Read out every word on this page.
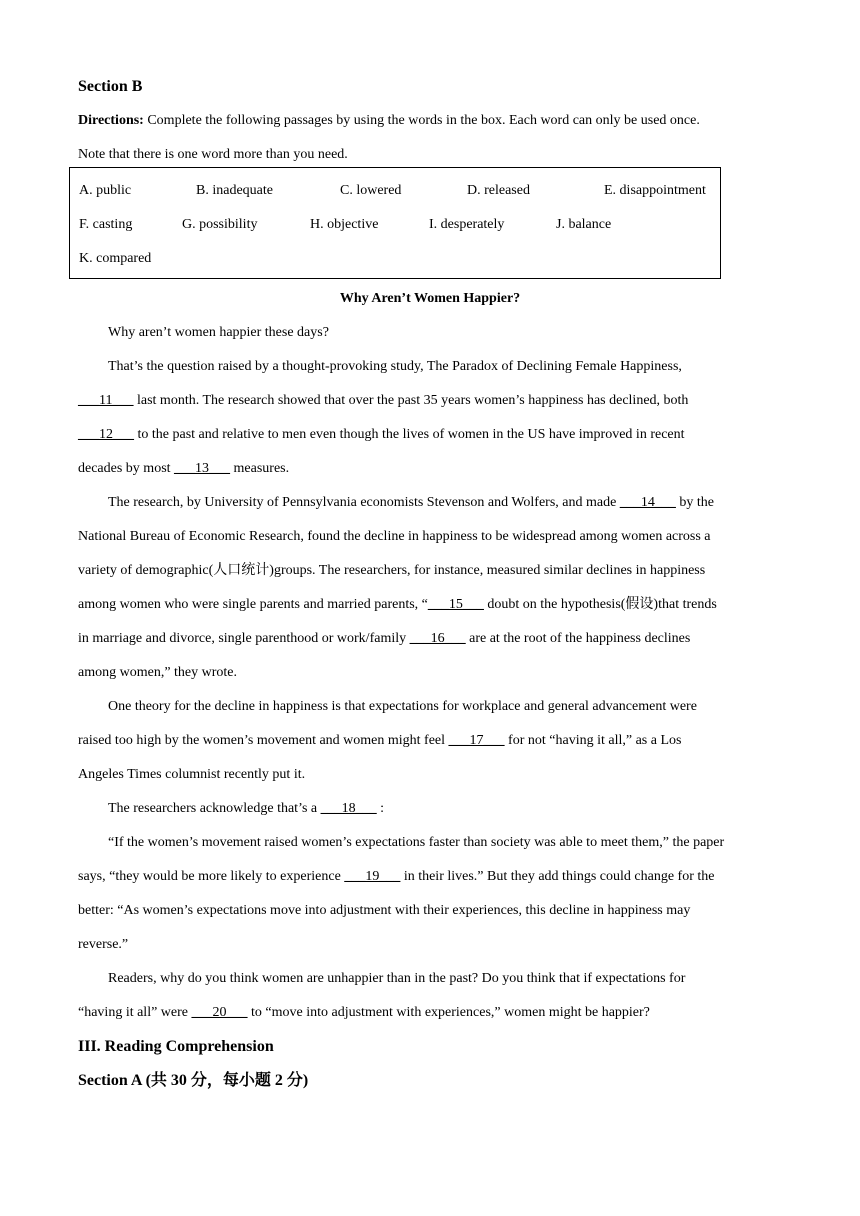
Section B
Directions: Complete the following passages by using the words in the box. Each word can only be used once.
Note that there is one word more than you need.
A. public	B. inadequate	C. lowered	D. released	E. disappointment
F. casting	G. possibility	H. objective	I. desperately	J. balance
K. compared
Why Aren’t Women Happier?
Why aren’t women happier these days?
That’s the question raised by a thought-provoking study, The Paradox of Declining Female Happiness,
___11___ last month. The research showed that over the past 35 years women’s happiness has declined, both
___12___ to the past and relative to men even though the lives of women in the US have improved in recent
decades by most ___13___ measures.
The research, by University of Pennsylvania economists Stevenson and Wolfers, and made ___14___ by the
National Bureau of Economic Research, found the decline in happiness to be widespread among women across a
variety of demographic(人口统计)groups. The researchers, for instance, measured similar declines in happiness
among women who were single parents and married parents, “___15___ doubt on the hypothesis(假设)that trends
in marriage and divorce, single parenthood or work/family ___16___ are at the root of the happiness declines
among women,” they wrote.
One theory for the decline in happiness is that expectations for workplace and general advancement were
raised too high by the women’s movement and women might feel ___17___ for not “having it all,” as a Los
Angeles Times columnist recently put it.
The researchers acknowledge that’s a ___18___ :
“If the women’s movement raised women’s expectations faster than society was able to meet them,” the paper
says, “they would be more likely to experience ___19___ in their lives.” But they add things could change for the
better: “As women’s expectations move into adjustment with their experiences, this decline in happiness may
reverse.”
Readers, why do you think women are unhappier than in the past? Do you think that if expectations for
“having it all” were ___20___ to “move into adjustment with experiences,” women might be happier?
III. Reading Comprehension
Section A (共 30 分，每小题 2 分)
